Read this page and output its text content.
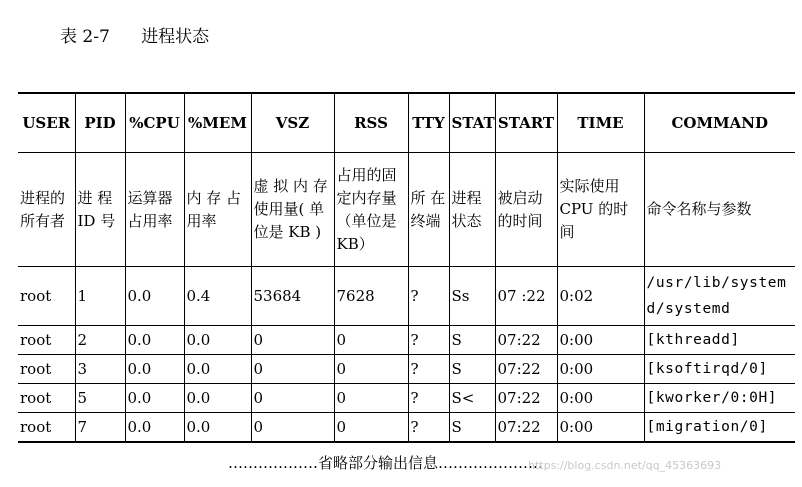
表 2-7 进程状态
USER	PID	%CPU	%MEM	VSZ	RSS	TTY	STAT	START	TIME	COMMAND
进程的所有者	进 程 ID 号	运算器占用率	内 存 占用率	虚 拟 内 存 使用量( 单位是 KB )	占用的固定内存量（单位是 KB）	所 在 终端	进程状态	被启动的时间	实际使用 CPU 的时间	命令名称与参数
root	1	0.0	0.4	53684	7628	?	Ss	07 :22	0:02	/usr/lib/systemd/systemd
root	2	0.0	0.0	0	0	?	S	07:22	0:00	[kthreadd]
root	3	0.0	0.0	0	0	?	S	07:22	0:00	[ksoftirqd/0]
root	5	0.0	0.0	0	0	?	S<	07:22	0:00	[kworker/0:0H]
root	7	0.0	0.0	0	0	?	S	07:22	0:00	[migration/0]
………………省略部分输出信息…………………
https://blog.csdn.net/qq_45363693
